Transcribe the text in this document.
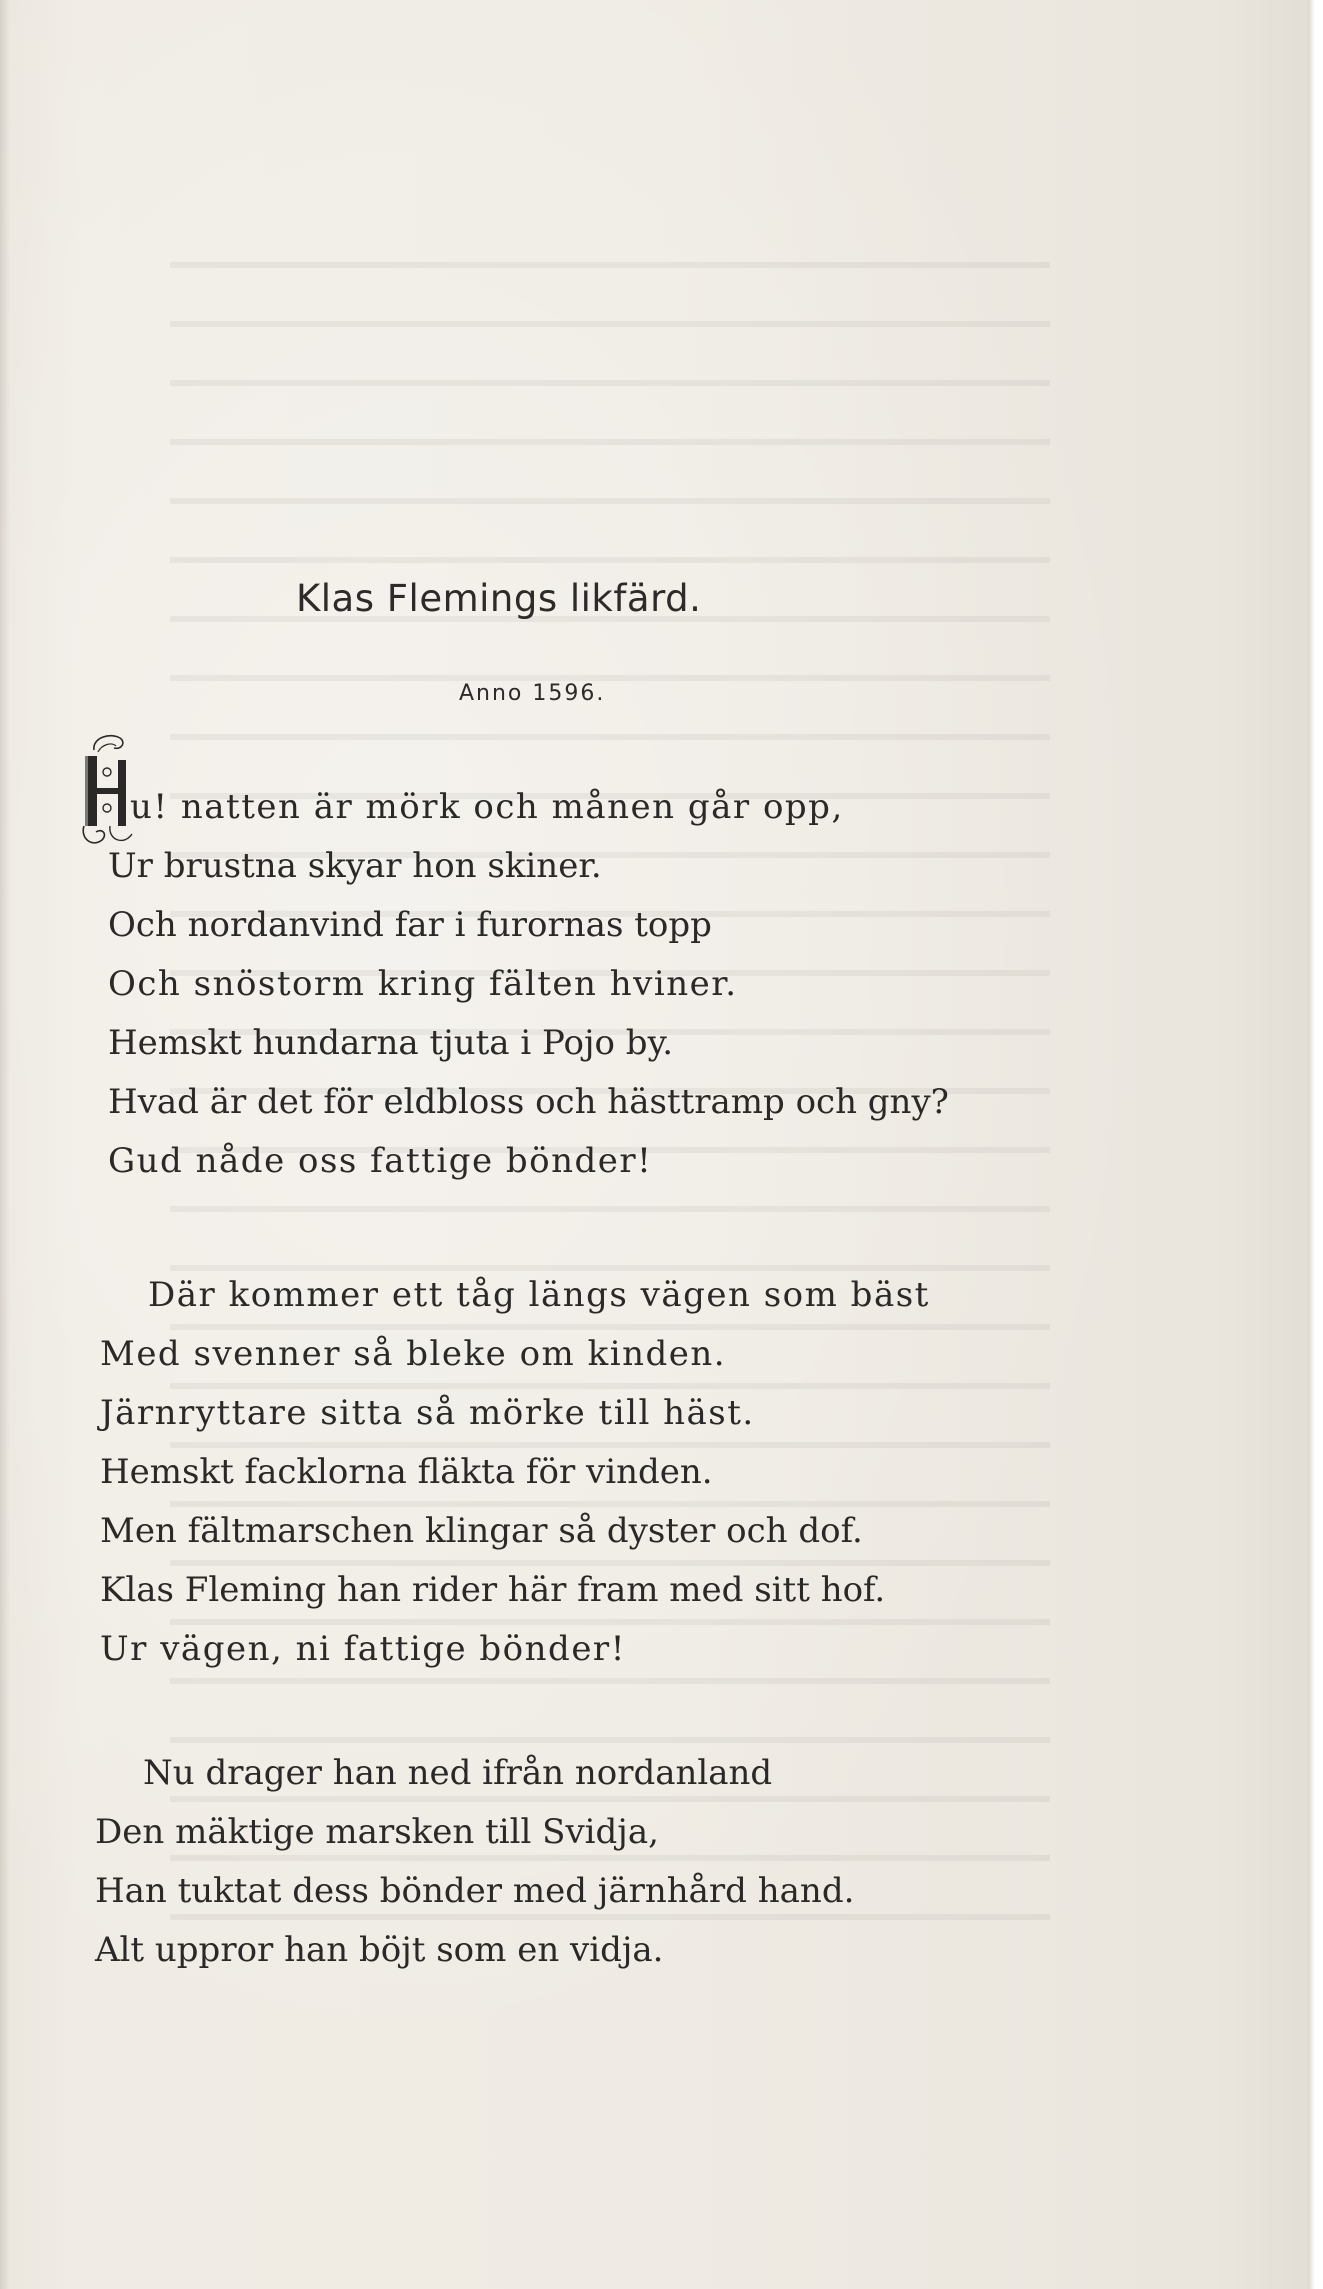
Klas Flemings likfärd.
Anno 1596.
u! natten är mörk och månen går opp,
Ur brustna skyar hon skiner.
Och nordanvind far i furornas topp
Och snöstorm kring fälten hviner.
Hemskt hundarna tjuta i Pojo by.
Hvad är det för eldbloss och hästtramp och gny?
Gud nåde oss fattige bönder!
Där kommer ett tåg längs vägen som bäst
Med svenner så bleke om kinden.
Järnryttare sitta så mörke till häst.
Hemskt facklorna fläkta för vinden.
Men fältmarschen klingar så dyster och dof.
Klas Fleming han rider här fram med sitt hof.
Ur vägen, ni fattige bönder!
Nu drager han ned ifrån nordanland
Den mäktige marsken till Svidja,
Han tuktat dess bönder med järnhård hand.
Alt uppror han böjt som en vidja.
